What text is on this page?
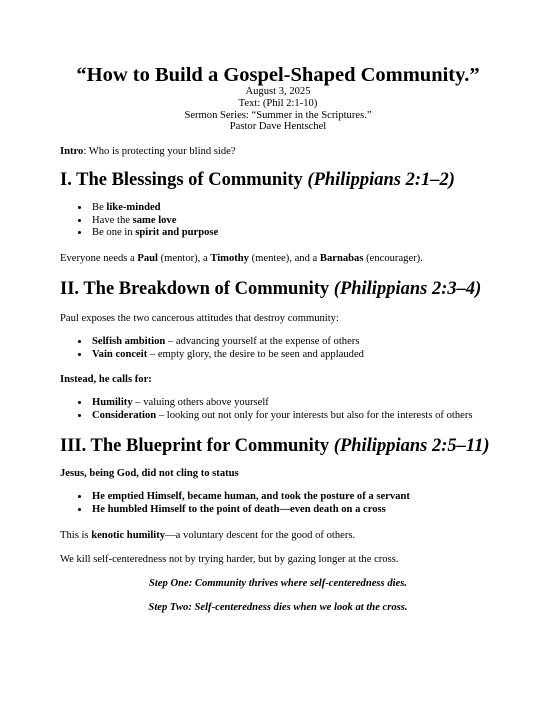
“How to Build a Gospel-Shaped Community.”
August 3, 2025
Text: (Phil 2:1-10)
Sermon Series: “Summer in the Scriptures.”
Pastor Dave Hentschel

Intro: Who is protecting your blind side?

I. The Blessings of Community (Philippians 2:1–2)
• Be like-minded
• Have the same love
• Be one in spirit and purpose

Everyone needs a Paul (mentor), a Timothy (mentee), and a Barnabas (encourager).

II. The Breakdown of Community (Philippians 2:3–4)

Paul exposes the two cancerous attitudes that destroy community:

• Selfish ambition – advancing yourself at the expense of others
• Vain conceit – empty glory, the desire to be seen and applauded

Instead, he calls for:

• Humility – valuing others above yourself
• Consideration – looking out not only for your interests but also for the interests of others
III. The Blueprint for Community (Philippians 2:5–11)

Jesus, being God, did not cling to status

• He emptied Himself, became human, and took the posture of a servant
• He humbled Himself to the point of death—even death on a cross

This is kenotic humility—a voluntary descent for the good of others.

We kill self-centeredness not by trying harder, but by gazing longer at the cross.

Step One: Community thrives where self-centeredness dies.

Step Two: Self-centeredness dies when we look at the cross.
